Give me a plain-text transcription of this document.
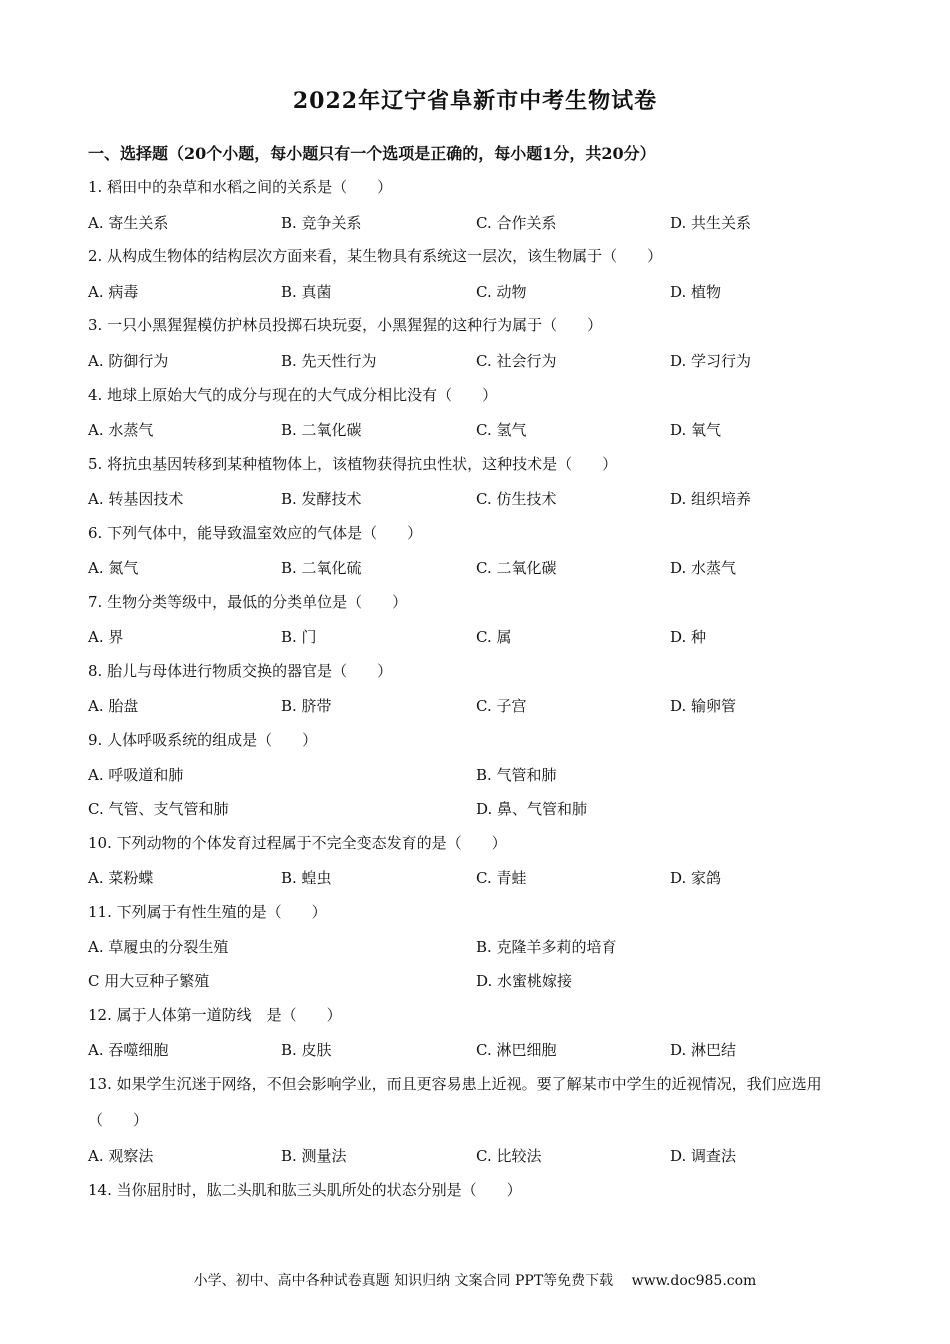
2022年辽宁省阜新市中考生物试卷
一、选择题（20个小题，每小题只有一个选项是正确的，每小题1分，共20分）
1. 稻田中的杂草和水稻之间的关系是（　　）
A. 寄生关系	B. 竞争关系	C. 合作关系	D. 共生关系
2. 从构成生物体的结构层次方面来看，某生物具有系统这一层次，该生物属于（　　）
A. 病毒	B. 真菌	C. 动物	D. 植物
3. 一只小黑猩猩模仿护林员投掷石块玩耍，小黑猩猩的这种行为属于（　　）
A. 防御行为	B. 先天性行为	C. 社会行为	D. 学习行为
4. 地球上原始大气的成分与现在的大气成分相比没有（　　）
A. 水蒸气	B. 二氧化碳	C. 氢气	D. 氧气
5. 将抗虫基因转移到某种植物体上，该植物获得抗虫性状，这种技术是（　　）
A. 转基因技术	B. 发酵技术	C. 仿生技术	D. 组织培养
6. 下列气体中，能导致温室效应的气体是（　　）
A. 氮气	B. 二氧化硫	C. 二氧化碳	D. 水蒸气
7. 生物分类等级中，最低的分类单位是（　　）
A. 界	B. 门	C. 属	D. 种
8. 胎儿与母体进行物质交换的器官是（　　）
A. 胎盘	B. 脐带	C. 子宫	D. 输卵管
9. 人体呼吸系统的组成是（　　）
A. 呼吸道和肺	B. 气管和肺
C. 气管、支气管和肺	D. 鼻、气管和肺
10. 下列动物的个体发育过程属于不完全变态发育的是（　　）
A. 菜粉蝶	B. 蝗虫	C. 青蛙	D. 家鸽
11. 下列属于有性生殖的是（　　）
A. 草履虫的分裂生殖	B. 克隆羊多莉的培育
C 用大豆种子繁殖	D. 水蜜桃嫁接
12. 属于人体第一道防线　是（　　）
A. 吞噬细胞	B. 皮肤	C. 淋巴细胞	D. 淋巴结
13. 如果学生沉迷于网络，不但会影响学业，而且更容易患上近视。要了解某市中学生的近视情况，我们应选用（　　）
A. 观察法	B. 测量法	C. 比较法	D. 调查法
14. 当你屈肘时，肱二头肌和肱三头肌所处的状态分别是（　　）
小学、初中、高中各种试卷真题 知识归纳 文案合同 PPT等免费下载　 www.doc985.com
